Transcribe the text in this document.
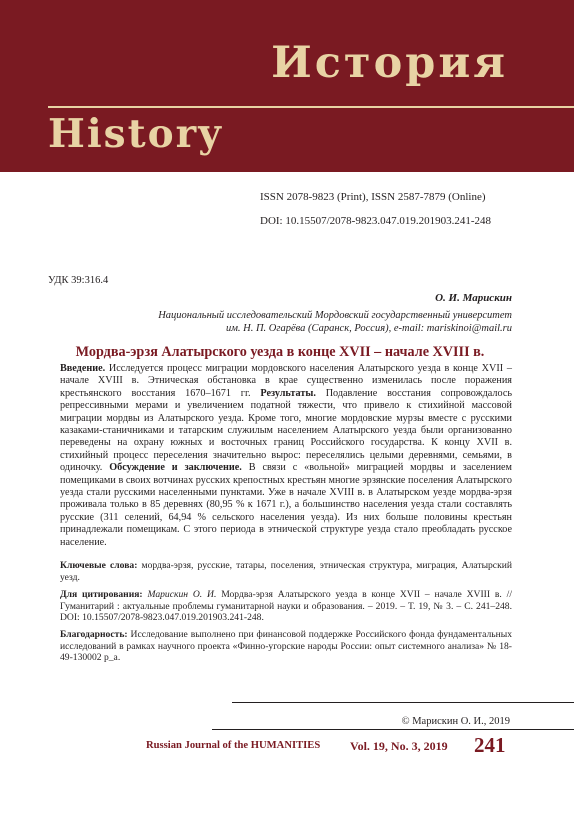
История
History
ISSN 2078-9823 (Print), ISSN 2587-7879 (Online)
DOI: 10.15507/2078-9823.047.019.201903.241-248
УДК 39:316.4
О. И. Марискин
Национальный исследовательский Мордовский государственный университет
им. Н. П. Огарёва (Саранск, Россия), e-mail: mariskinoi@mail.ru
Мордва-эрзя Алатырского уезда в конце XVII – начале XVIII в.
Введение. Исследуется процесс миграции мордовского населения Алатырского уезда в конце XVII – начале XVIII в. Этническая обстановка в крае существенно изменилась после поражения крестьянского восстания 1670–1671 гг. Результаты. Подавление восстания сопровождалось репрессивными мерами и увеличением податной тяжести, что привело к стихийной массовой миграции мордвы из Алатырского уезда. Кроме того, многие мордовские мурзы вместе с русскими казаками-станичниками и татарским служилым населением Алатырского уезда были организованно переведены на охрану южных и восточных границ Российского государства. К концу XVII в. стихийный процесс переселения значительно вырос: переселялись целыми деревнями, семьями, в одиночку. Обсуждение и заключение. В связи с «вольной» миграцией мордвы и заселением помещиками в своих вотчинах русских крепостных крестьян многие эрзянские поселения Алатырского уезда стали русскими населенными пунктами. Уже в начале XVIII в. в Алатырском уезде мордва-эрзя проживала только в 85 деревнях (80,95 % к 1671 г.), а большинство населения уезда стали составлять русские (311 селений, 64,94 % сельского населения уезда). Из них больше половины крестьян принадлежали помещикам. С этого периода в этнической структуре уезда стало преобладать русское население.
Ключевые слова: мордва-эрзя, русские, татары, поселения, этническая структура, миграция, Алатырский уезд.
Для цитирования: Марискин О. И. Мордва-эрзя Алатырского уезда в конце XVII – начале XVIII в. // Гуманитарий : актуальные проблемы гуманитарной науки и образования. – 2019. – Т. 19, № 3. – С. 241–248. DOI: 10.15507/2078-9823.047.019.201903.241-248.
Благодарность: Исследование выполнено при финансовой поддержке Российского фонда фундаментальных исследований в рамках научного проекта «Финно-угорские народы России: опыт системного анализа» № 18-49-130002 р_а.
© Марискин О. И., 2019
Russian Journal of the HUMANITIES Vol. 19, No. 3, 2019 241
